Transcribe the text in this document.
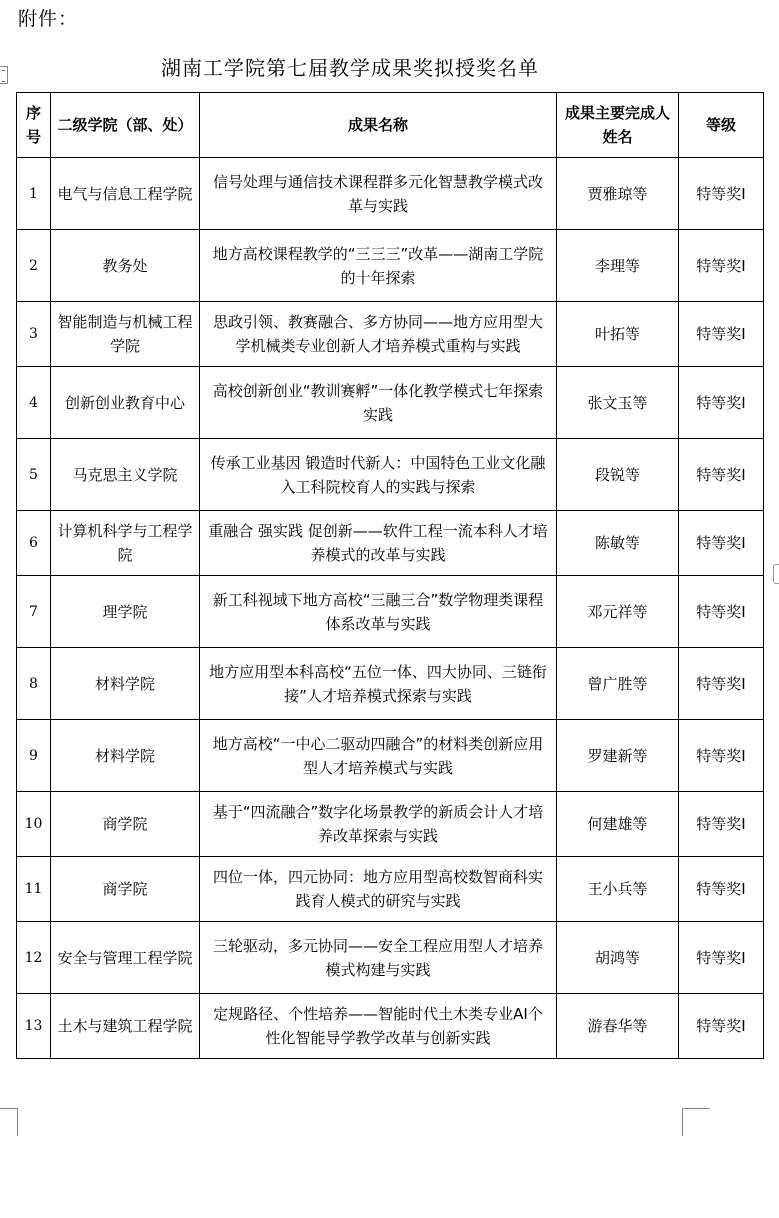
附件：
湖南工学院第七届教学成果奖拟授奖名单
序号	二级学院（部、处）	成果名称	成果主要完成人姓名	等级
1	电气与信息工程学院	信号处理与通信技术课程群多元化智慧教学模式改革与实践	贾雅琼等	特等奖Ⅰ
2	教务处	地方高校课程教学的“三三三”改革——湖南工学院的十年探索	李理等	特等奖Ⅰ
3	智能制造与机械工程学院	思政引领、教赛融合、多方协同——地方应用型大学机械类专业创新人才培养模式重构与实践	叶拓等	特等奖Ⅰ
4	创新创业教育中心	高校创新创业“教训赛孵”一体化教学模式七年探索实践	张文玉等	特等奖Ⅰ
5	马克思主义学院	传承工业基因 锻造时代新人：中国特色工业文化融入工科院校育人的实践与探索	段锐等	特等奖Ⅰ
6	计算机科学与工程学院	重融合 强实践 促创新——软件工程一流本科人才培养模式的改革与实践	陈敏等	特等奖Ⅰ
7	理学院	新工科视域下地方高校“三融三合”数学物理类课程体系改革与实践	邓元祥等	特等奖Ⅰ
8	材料学院	地方应用型本科高校“五位一体、四大协同、三链衔接”人才培养模式探索与实践	曾广胜等	特等奖Ⅰ
9	材料学院	地方高校“一中心二驱动四融合”的材料类创新应用型人才培养模式与实践	罗建新等	特等奖Ⅰ
10	商学院	基于“四流融合”数字化场景教学的新质会计人才培养改革探索与实践	何建雄等	特等奖Ⅰ
11	商学院	四位一体，四元协同：地方应用型高校数智商科实践育人模式的研究与实践	王小兵等	特等奖Ⅰ
12	安全与管理工程学院	三轮驱动，多元协同——安全工程应用型人才培养模式构建与实践	胡鸿等	特等奖Ⅰ
13	土木与建筑工程学院	定规路径、个性培养——智能时代土木类专业AI个性化智能导学教学改革与创新实践	游春华等	特等奖Ⅰ
